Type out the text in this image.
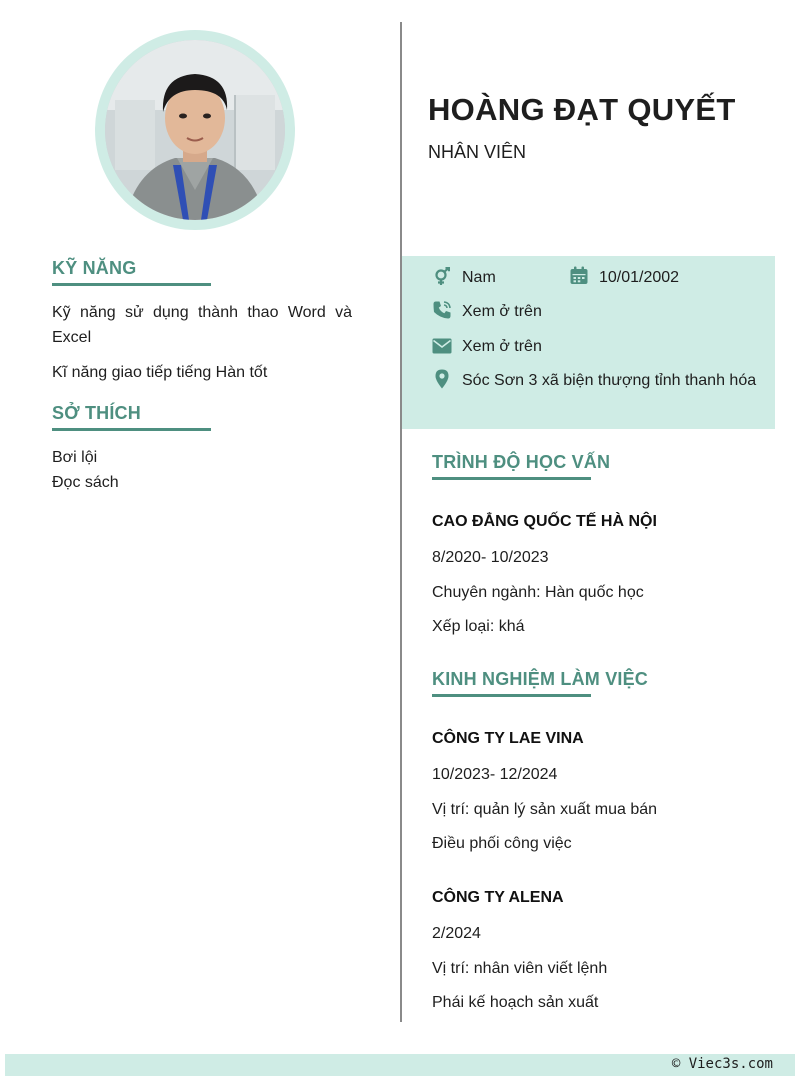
KỸ NĂNG
Kỹ năng sử dụng thành thao Word và Excel
Kĩ năng giao tiếp tiếng Hàn tốt
SỞ THÍCH
Bơi lội
Đọc sách
HOÀNG ĐẠT QUYẾT
NHÂN VIÊN
Nam	10/01/2002
Xem ở trên
Xem ở trên
Sóc Sơn 3 xã biện thượng tỉnh thanh hóa
TRÌNH ĐỘ HỌC VẤN
CAO ĐẲNG QUỐC TẾ HÀ NỘI
8/2020- 10/2023
Chuyên ngành: Hàn quốc học
Xếp loại: khá
KINH NGHIỆM LÀM VIỆC
CÔNG TY LAE VINA
10/2023- 12/2024
Vị trí: quản lý sản xuất mua bán
Điều phối công việc
CÔNG TY ALENA
2/2024
Vị trí: nhân viên viết lệnh
Phái kế hoạch sản xuất
© Viec3s.com
